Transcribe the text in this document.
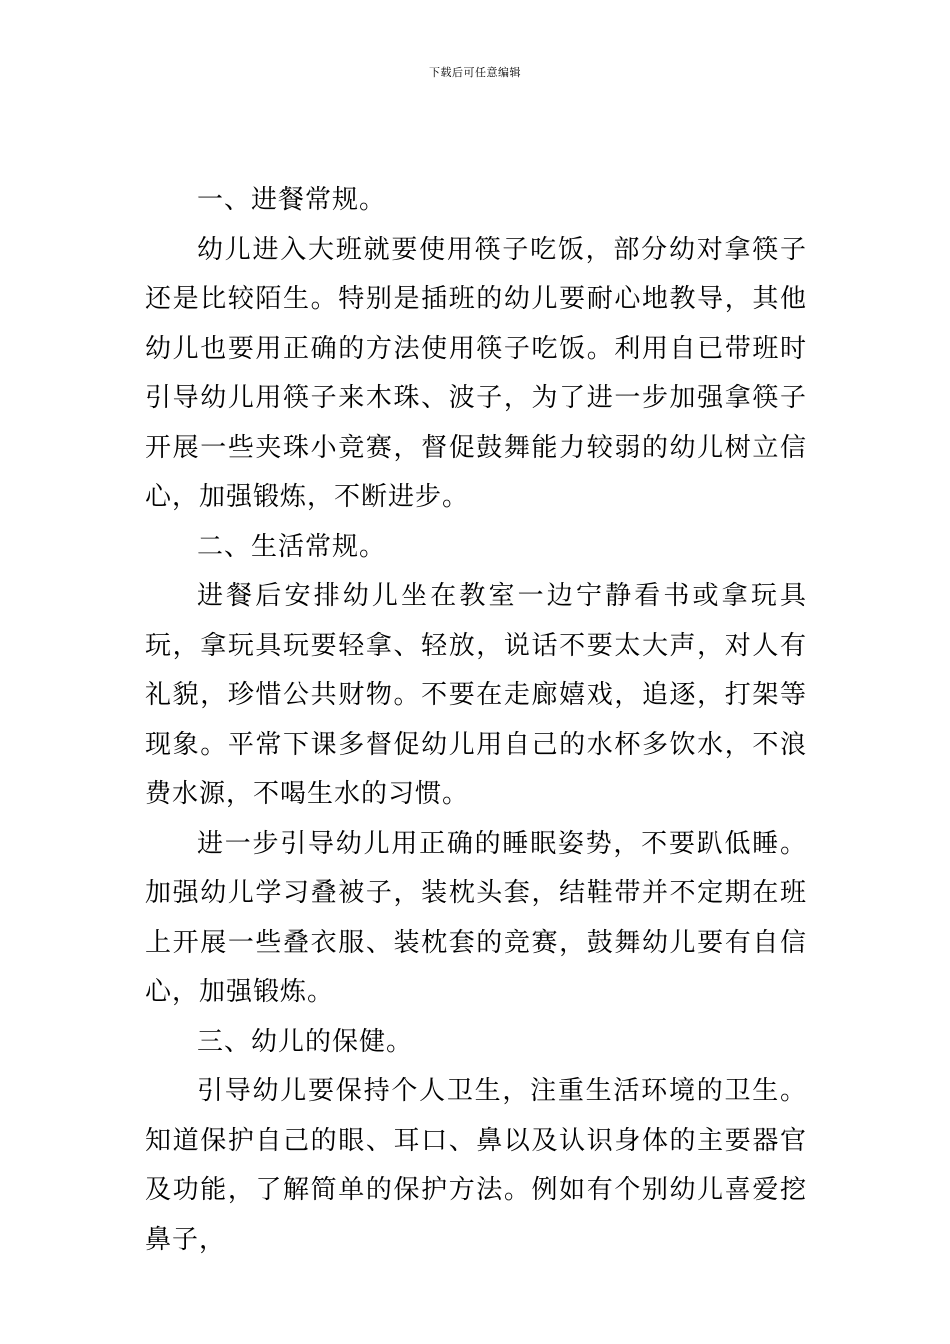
下载后可任意编辑

一、进餐常规。

幼儿进入大班就要使用筷子吃饭，部分幼对拿筷子还是比较陌生。特别是插班的幼儿要耐心地教导，其他幼儿也要用正确的方法使用筷子吃饭。利用自已带班时引导幼儿用筷子来木珠、波子，为了进一步加强拿筷子开展一些夹珠小竞赛，督促鼓舞能力较弱的幼儿树立信心，加强锻炼，不断进步。

二、生活常规。

进餐后安排幼儿坐在教室一边宁静看书或拿玩具玩，拿玩具玩要轻拿、轻放，说话不要太大声，对人有礼貌，珍惜公共财物。不要在走廊嬉戏，追逐，打架等现象。平常下课多督促幼儿用自己的水杯多饮水，不浪费水源，不喝生水的习惯。

进一步引导幼儿用正确的睡眠姿势，不要趴低睡。加强幼儿学习叠被子，装枕头套，结鞋带并不定期在班上开展一些叠衣服、装枕套的竞赛，鼓舞幼儿要有自信心，加强锻炼。

三、幼儿的保健。

引导幼儿要保持个人卫生，注重生活环境的卫生。知道保护自己的眼、耳口、鼻以及认识身体的主要器官及功能，了解简单的保护方法。例如有个别幼儿喜爱挖鼻子，
